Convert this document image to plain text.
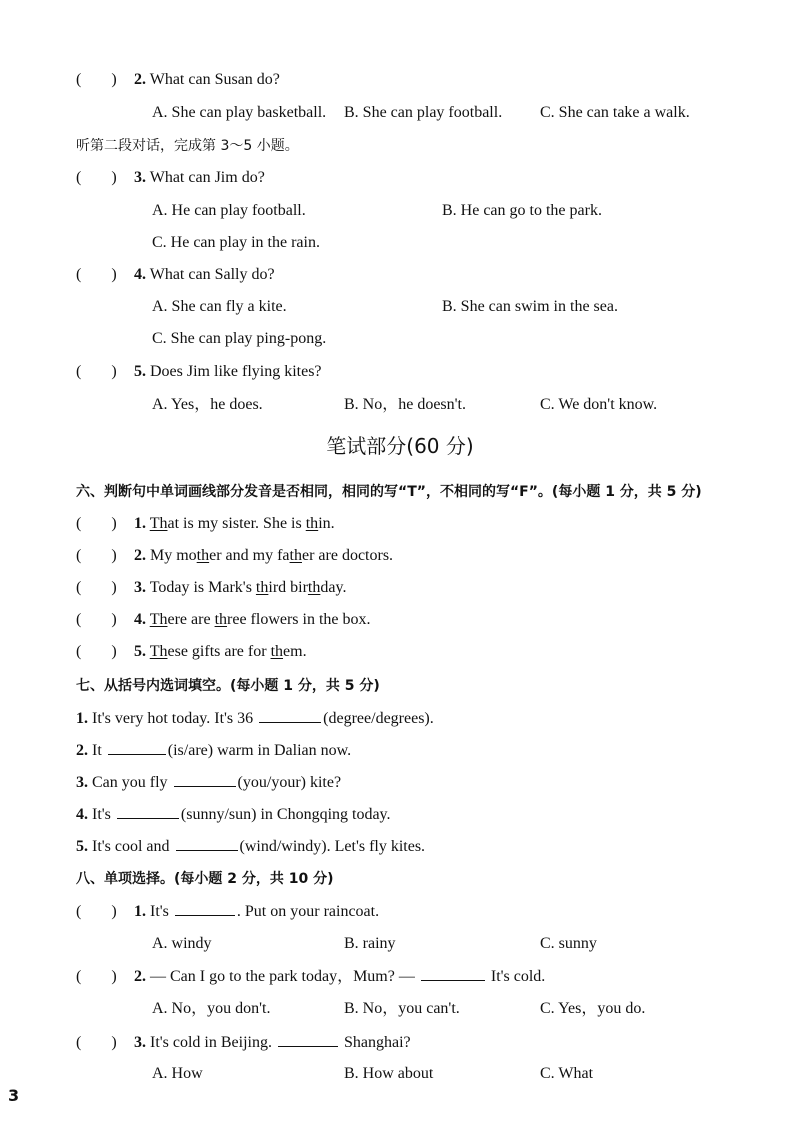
( ) 2. What can Susan do?
A. She can play basketball. B. She can play football. C. She can take a walk.
听第二段对话，完成第 3～5 小题。
( ) 3. What can Jim do?
A. He can play football.	B. He can go to the park.
C. He can play in the rain.
( ) 4. What can Sally do?
A. She can fly a kite.	B. She can swim in the sea.
C. She can play ping-pong.
( ) 5. Does Jim like flying kites?
A. Yes，he does.	B. No，he doesn't.	C. We don't know.
笔试部分(60 分)
六、判断句中单词画线部分发音是否相同，相同的写“T”，不相同的写“F”。(每小题 1 分，共 5 分)
( ) 1. That is my sister. She is thin.
( ) 2. My mother and my father are doctors.
( ) 3. Today is Mark's third birthday.
( ) 4. There are three flowers in the box.
( ) 5. These gifts are for them.
七、从括号内选词填空。(每小题 1 分，共 5 分)
1. It's very hot today. It's 36	(degree/degrees).
2. It	(is/are) warm in Dalian now.
3. Can you fly	(you/your) kite?
4. It's	(sunny/sun) in Chongqing today.
5. It's cool and	(wind/windy). Let's fly kites.
八、单项选择。(每小题 2 分，共 10 分)
( ) 1. It's	. Put on your raincoat.
A. windy	B. rainy	C. sunny
( ) 2. — Can I go to the park today，Mum? —	It's cold.
A. No，you don't.	B. No，you can't.	C. Yes，you do.
( ) 3. It's cold in Beijing.	Shanghai?
A. How	B. How about	C. What
3
